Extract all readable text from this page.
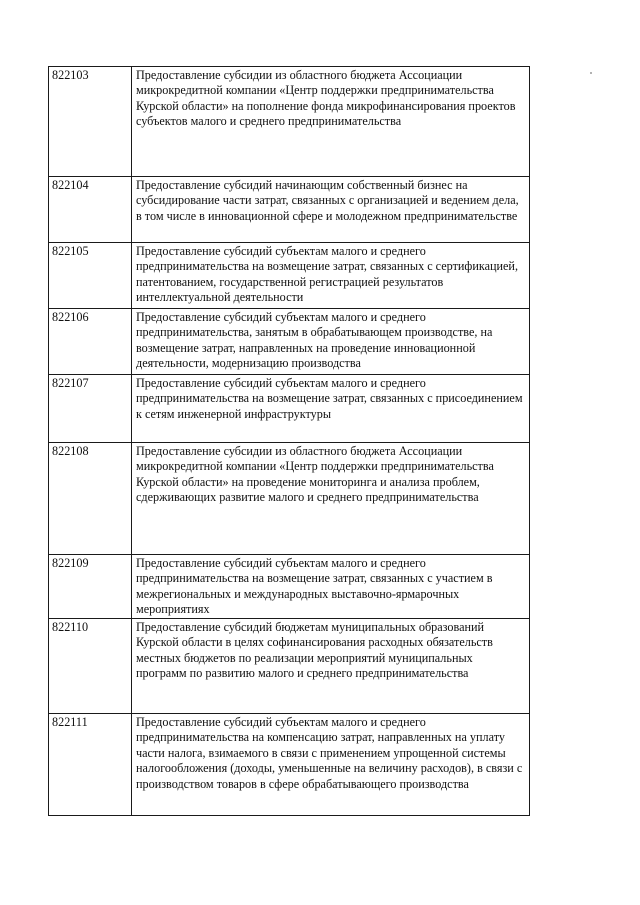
822103	Предоставление субсидии из областного бюджета Ассоциации микрокредитной компании «Центр поддержки предпринимательства Курской области» на пополнение фонда микрофинансирования проектов субъектов малого и среднего предпринимательства
822104	Предоставление субсидий начинающим собственный бизнес на субсидирование части затрат, связанных с организацией и ведением дела, в том числе в инновационной сфере и молодежном предпринимательстве
822105	Предоставление субсидий субъектам малого и среднего предпринимательства на возмещение затрат, связанных с сертификацией, патентованием, государственной регистрацией результатов интеллектуальной деятельности
822106	Предоставление субсидий субъектам малого и среднего предпринимательства, занятым в обрабатывающем производстве, на возмещение затрат, направленных на проведение инновационной деятельности, модернизацию производства
822107	Предоставление субсидий субъектам малого и среднего предпринимательства на возмещение затрат, связанных с присоединением к сетям инженерной инфраструктуры
822108	Предоставление субсидии из областного бюджета Ассоциации микрокредитной компании «Центр поддержки предпринимательства Курской области» на проведение мониторинга и анализа проблем, сдерживающих развитие малого и среднего предпринимательства
822109	Предоставление субсидий субъектам малого и среднего предпринимательства на возмещение затрат, связанных с участием в межрегиональных и международных выставочно-ярмарочных мероприятиях
822110	Предоставление субсидий бюджетам муниципальных образований Курской области в целях софинансирования расходных обязательств местных бюджетов по реализации мероприятий муниципальных программ по развитию малого и среднего предпринимательства
822111	Предоставление субсидий субъектам малого и среднего предпринимательства на компенсацию затрат, направленных на уплату части налога, взимаемого в связи с применением упрощенной системы налогообложения (доходы, уменьшенные на величину расходов), в связи с производством товаров в сфере обрабатывающего производства
